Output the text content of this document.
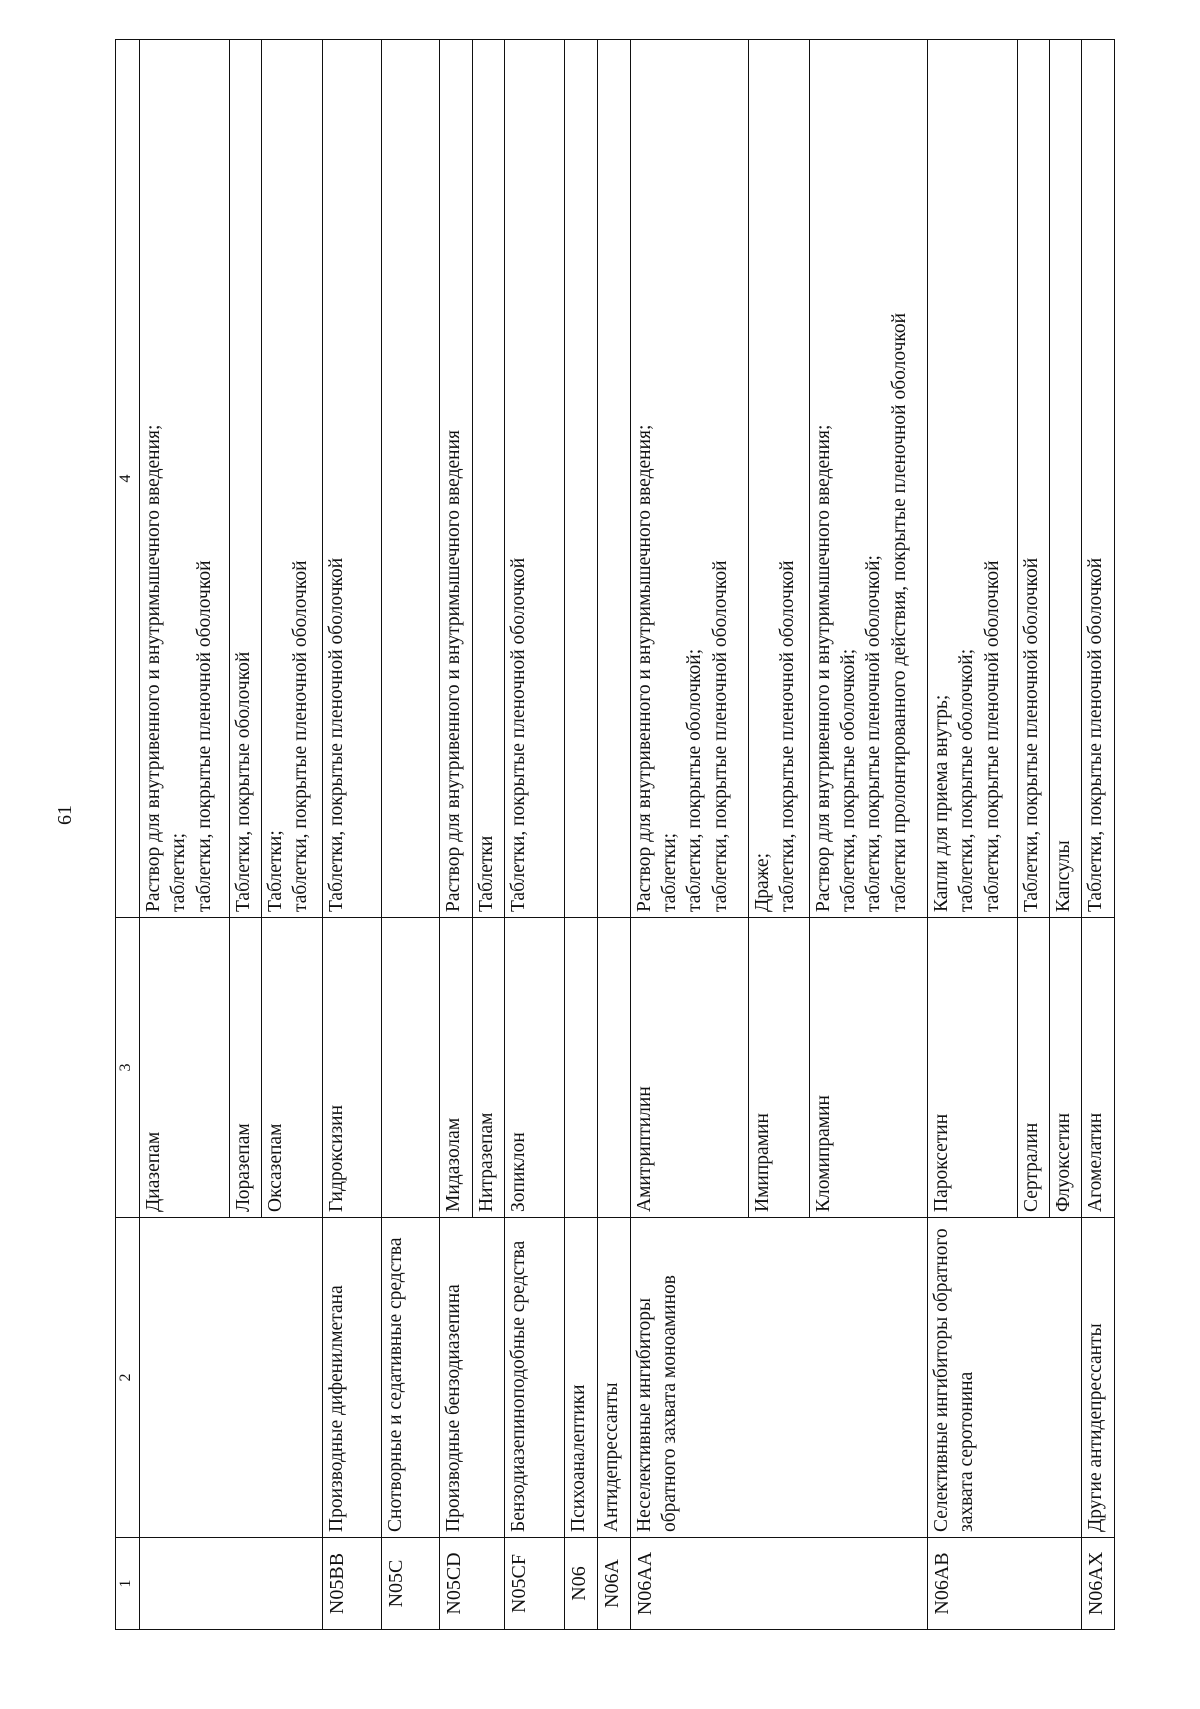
61
1	2	3	4
		Диазепам	Раствор для внутривенного и внутримышечного введения; таблетки; таблетки, покрытые пленочной оболочкой

		Лоразепам	Таблетки, покрытые оболочкой

		Оксазепам	Таблетки; таблетки, покрытые пленочной оболочкой

N05BB	Производные дифенилметана	Гидроксизин	Таблетки, покрытые пленочной оболочкой

N05C	Снотворные и седативные средства		
N05CD	Производные бензодиазепина	Мидазолам	Раствор для внутривенного и внутримышечного введения

		Нитразепам	Таблетки

N05CF	Бензодиазепиноподобные средства	Зопиклон	Таблетки, покрытые пленочной оболочкой

N06	Психоаналептики		
N06A	Антидепрессанты		
N06AA	Неселективные ингибиторы обратного захвата моноаминов	Амитриптилин	Раствор для внутривенного и внутримышечного введения; таблетки; таблетки, покрытые оболочкой; таблетки, покрытые пленочной оболочкой

		Имипрамин	Драже; таблетки, покрытые пленочной оболочкой

		Кломипрамин	Раствор для внутривенного и внутримышечного введения; таблетки, покрытые оболочкой; таблетки, покрытые пленочной оболочкой; таблетки пролонгированного действия, покрытые пленочной оболочкой

N06AB	Селективные ингибиторы обратного захвата серотонина	Пароксетин	Капли для приема внутрь; таблетки, покрытые оболочкой; таблетки, покрытые пленочной оболочкой

		Сертралин	Таблетки, покрытые пленочной оболочкой

		Флуоксетин	Капсулы

N06AX	Другие антидепрессанты	Агомелатин	Таблетки, покрытые пленочной оболочкой
